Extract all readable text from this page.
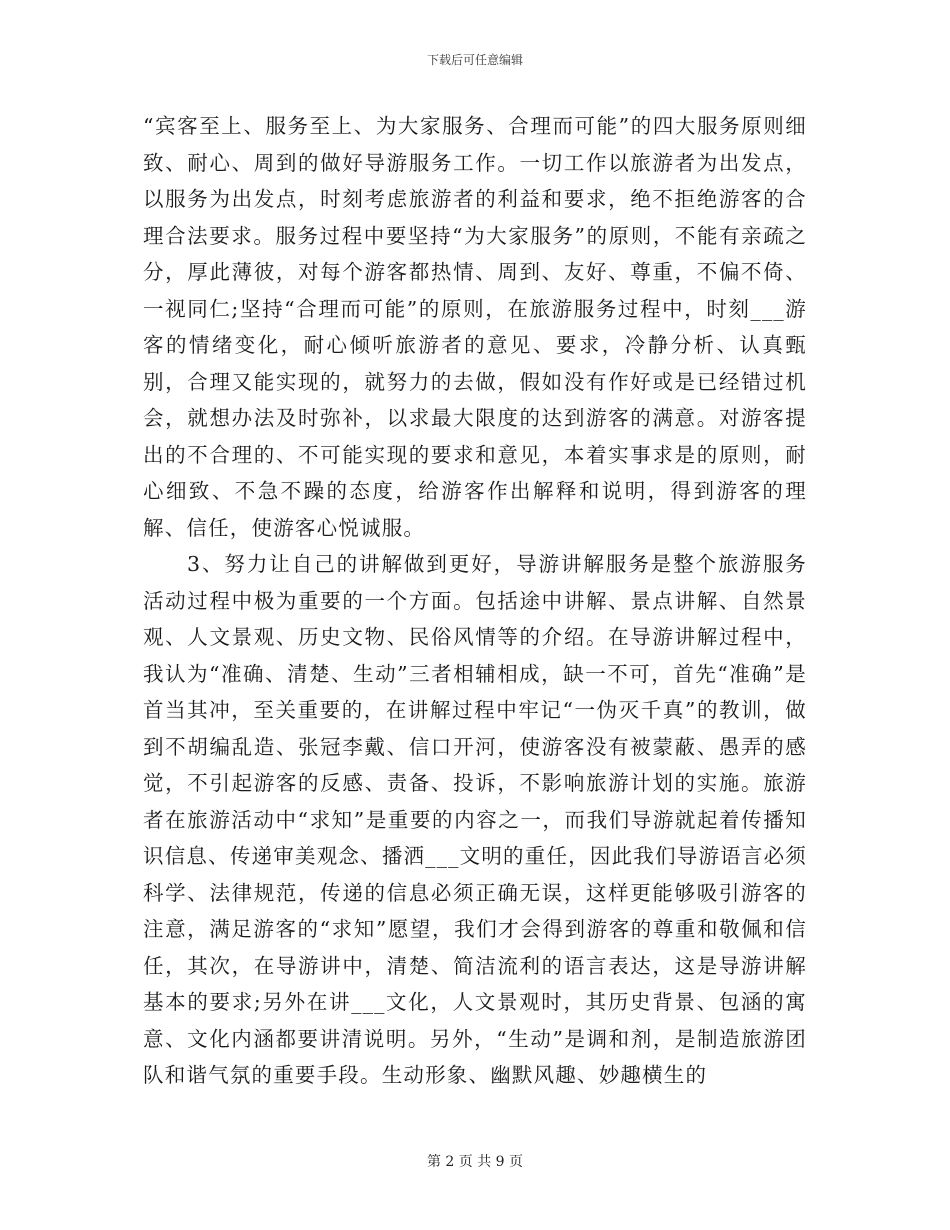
下载后可任意编辑

“宾客至上、服务至上、为大家服务、合理而可能”的四大服务原则细致、耐心、周到的做好导游服务工作。一切工作以旅游者为出发点，以服务为出发点，时刻考虑旅游者的利益和要求，绝不拒绝游客的合理合法要求。服务过程中要坚持“为大家服务”的原则，不能有亲疏之分，厚此薄彼，对每个游客都热情、周到、友好、尊重，不偏不倚、一视同仁;坚持“合理而可能”的原则，在旅游服务过程中，时刻___游客的情绪变化，耐心倾听旅游者的意见、要求，冷静分析、认真甄别，合理又能实现的，就努力的去做，假如没有作好或是已经错过机会，就想办法及时弥补，以求最大限度的达到游客的满意。对游客提出的不合理的、不可能实现的要求和意见，本着实事求是的原则，耐心细致、不急不躁的态度，给游客作出解释和说明，得到游客的理解、信任，使游客心悦诚服。

3、努力让自己的讲解做到更好，导游讲解服务是整个旅游服务活动过程中极为重要的一个方面。包括途中讲解、景点讲解、自然景观、人文景观、历史文物、民俗风情等的介绍。在导游讲解过程中，我认为“准确、清楚、生动”三者相辅相成，缺一不可，首先“准确”是首当其冲，至关重要的，在讲解过程中牢记“一伪灭千真”的教训，做到不胡编乱造、张冠李戴、信口开河，使游客没有被蒙蔽、愚弄的感觉，不引起游客的反感、责备、投诉，不影响旅游计划的实施。旅游者在旅游活动中“求知”是重要的内容之一，而我们导游就起着传播知识信息、传递审美观念、播洒___文明的重任，因此我们导游语言必须科学、法律规范，传递的信息必须正确无误，这样更能够吸引游客的注意，满足游客的“求知”愿望，我们才会得到游客的尊重和敬佩和信任，其次，在导游讲中，清楚、简洁流利的语言表达，这是导游讲解基本的要求;另外在讲___文化，人文景观时，其历史背景、包涵的寓意、文化内涵都要讲清说明。另外，“生动”是调和剂，是制造旅游团队和谐气氛的重要手段。生动形象、幽默风趣、妙趣横生的

第 2 页 共 9 页
